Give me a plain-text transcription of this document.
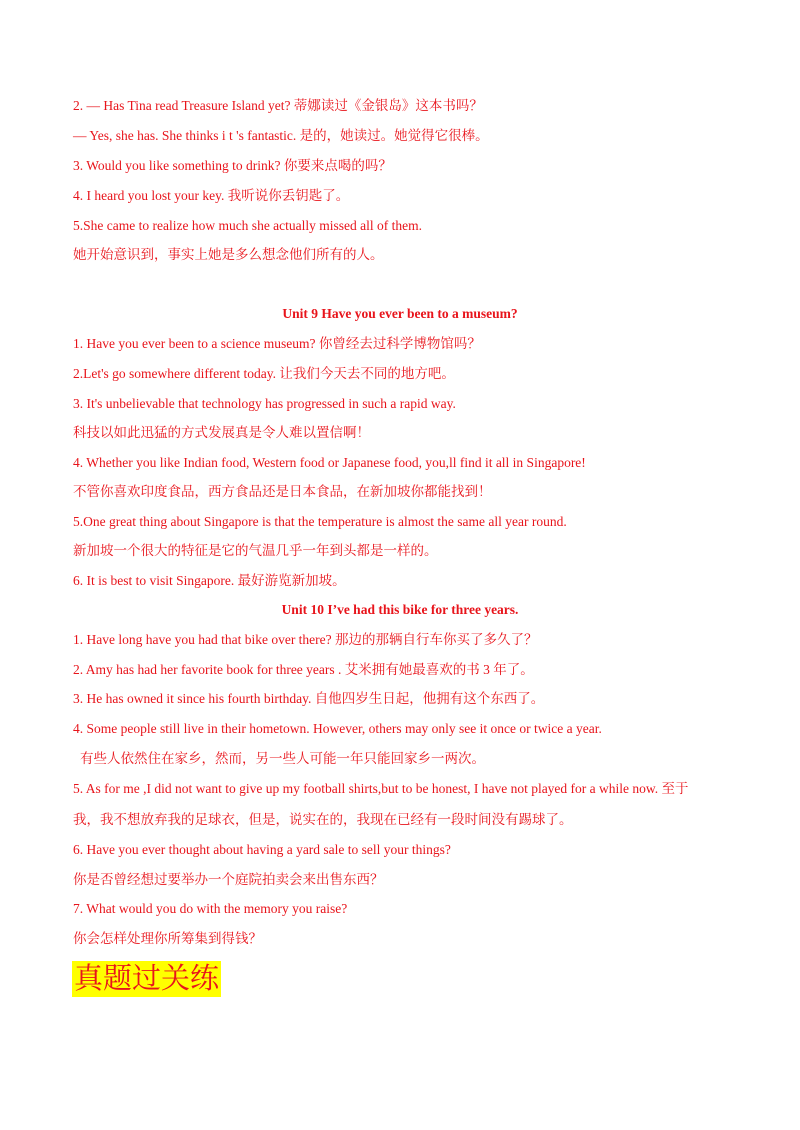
2. — Has Tina read Treasure Island yet? 蒂娜读过《金银岛》这本书吗？
— Yes, she has. She thinks i t 's fantastic. 是的，她读过。她觉得它很棒。
3. Would you like something to drink? 你要来点喝的吗？
4. I heard you lost your key. 我听说你丢钥匙了。
5.She came to realize how much she actually missed all of them.
她开始意识到，事实上她是多么想念他们所有的人。
Unit 9 Have you ever been to a museum?
1. Have you ever been to a science museum? 你曾经去过科学博物馆吗？
2.Let's go somewhere different today. 让我们今天去不同的地方吧。
3. It's unbelievable that technology has progressed in such a rapid way.
科技以如此迅猛的方式发展真是令人难以置信啊！
4. Whether you like Indian food, Western food or Japanese food, you,ll find it all in Singapore!
不管你喜欢印度食品，西方食品还是日本食品，在新加坡你都能找到！
5.One great thing about Singapore is that the temperature is almost the same all year round.
新加坡一个很大的特征是它的气温几乎一年到头都是一样的。
6. It is best to visit Singapore. 最好游览新加坡。
Unit 10 I’ve had this bike for three years.
1. Have long have you had that bike over there? 那边的那辆自行车你买了多久了？
2. Amy has had her favorite book for three years . 艾米拥有她最喜欢的书 3 年了。
3. He has owned it since his fourth birthday. 自他四岁生日起，他拥有这个东西了。
4. Some people still live in their hometown. However, others may only see it once or twice a year.
有些人依然住在家乡，然而，另一些人可能一年只能回家乡一两次。
5. As for me ,I did not want to give up my football shirts,but to be honest, I have not played for a while now. 至于
我，我不想放弃我的足球衣，但是，说实在的，我现在已经有一段时间没有踢球了。
6. Have you ever thought about having a yard sale to sell your things?
你是否曾经想过要举办一个庭院拍卖会来出售东西？
7. What would you do with the memory you raise?
你会怎样处理你所筹集到得钱？
真题过关练
